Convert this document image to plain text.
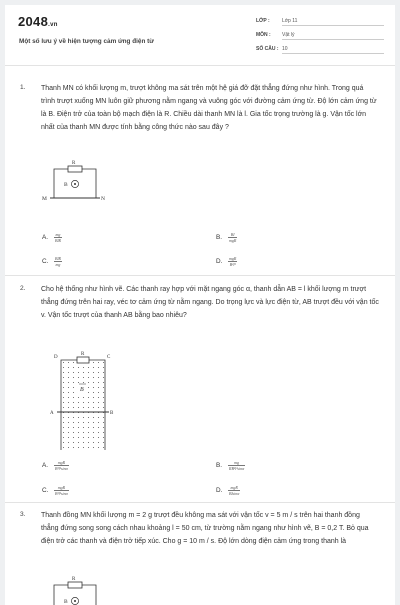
2048.vn
Một số lưu ý về hiện tượng cảm ứng điện từ
LỚP : Lớp 11
MÔN : Vật lý
SỐ CÂU : 10
1. Thanh MN có khối lượng m, trượt không ma sát trên một hệ giá đỡ đặt thẳng đứng như hình. Trong quá trình trượt xuống MN luôn giữ phương nằm ngang và vuông góc với đường cảm ứng từ. Độ lớn cảm ứng từ là B. Điện trở của toàn bộ mạch điện là R. Chiều dài thanh MN là l. Gia tốc trọng trường là g. Vận tốc lớn nhất của thanh MN được tính bằng công thức nào sau đây ?
R
B
M	N
A. $\frac{mg}{\text{BlR}}$	B. $\frac{Bl}{\text{mgR}}$
C. $\frac{\text{BlR}}{mg}$	D. $\frac{\text{mgR}}{\text{B²l²}}$
2. Cho hệ thống như hình vẽ. Các thanh ray hợp với mặt ngang góc α, thanh dẫn AB = l khối lượng m trượt thẳng đứng trên hai ray, véc tơ cảm ứng từ nằm ngang. Do trọng lực và lực điện từ, AB trượt đều với vận tốc v. Vận tốc trượt của thanh AB bằng bao nhiêu?
R
D	C
B
A	B
A. $\frac{\text{mgR}}{\text{B²l²sinα}}$	B. $\frac{mg}{\text{RB²l²sinα}}$
C. $\frac{\text{mgR}}{\text{B²l²sinα}}$	D. $\frac{\text{mgR}}{Blsin\alpha}$
3. Thanh đồng MN khối lượng m = 2 g trượt đều không ma sát với vận tốc v = 5 m / s trên hai thanh đồng thẳng đứng song song cách nhau khoảng l = 50 cm, từ trường nằm ngang như hình vẽ, B = 0,2 T. Bỏ qua điện trở các thanh và điện trở tiếp xúc. Cho g = 10 m / s. Độ lớn dòng điện cảm ứng trong thanh là
R
B
